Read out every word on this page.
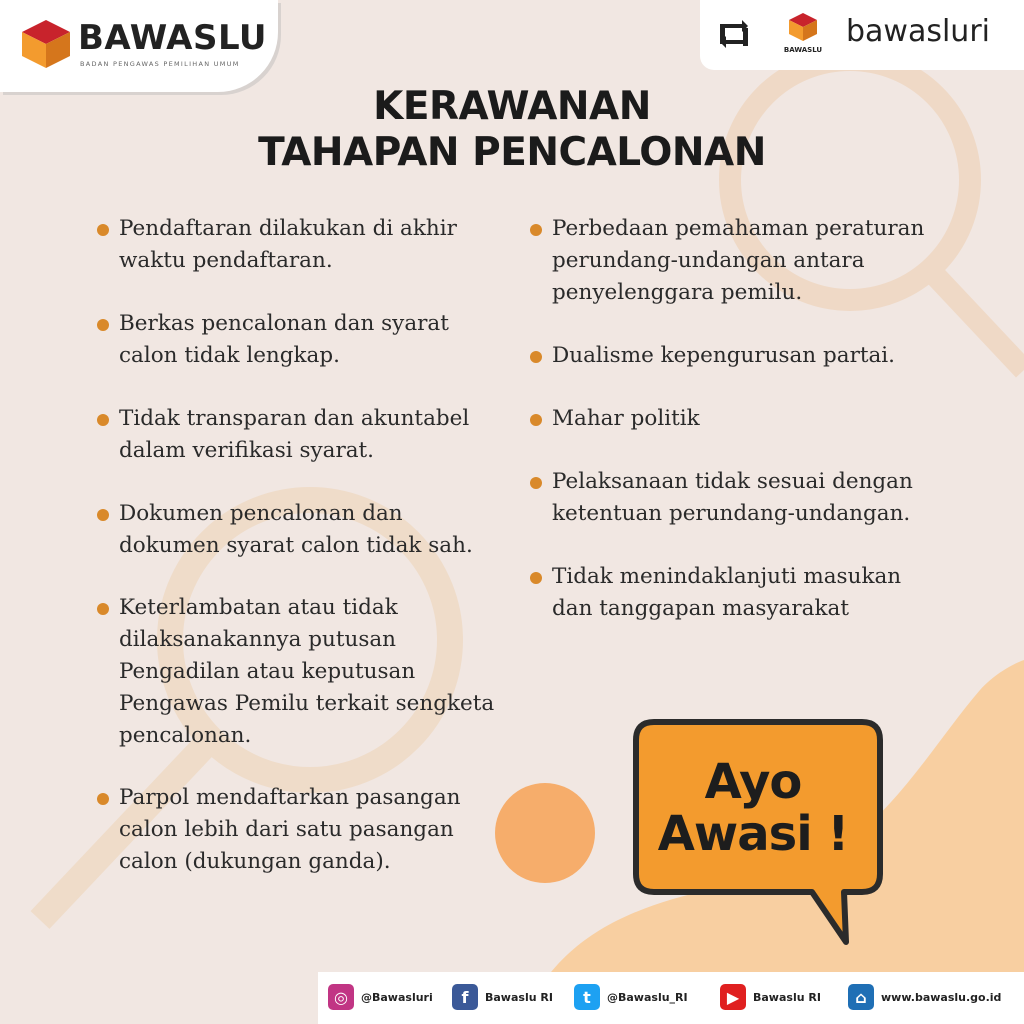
BAWASLU
BADAN PENGAWAS PEMILIHAN UMUM
BAWASLU
bawasluri
KERAWANAN
TAHAPAN PENCALONAN
Pendaftaran dilakukan di akhir waktu pendaftaran.
Berkas pencalonan dan syarat calon tidak lengkap.
Tidak transparan dan akuntabel dalam verifikasi syarat.
Dokumen pencalonan dan dokumen syarat calon tidak sah.
Keterlambatan atau tidak dilaksanakannya putusan Pengadilan atau keputusan Pengawas Pemilu terkait sengketa pencalonan.
Parpol mendaftarkan pasangan calon lebih dari satu pasangan calon (dukungan ganda).
Perbedaan pemahaman peraturan perundang-undangan antara penyelenggara pemilu.
Dualisme kepengurusan partai.
Mahar politik
Pelaksanaan tidak sesuai dengan ketentuan perundang-undangan.
Tidak menindaklanjuti masukan dan tanggapan masyarakat
Ayo
Awasi !
◎	@Bawasluri	f	Bawaslu RI	t	@Bawaslu_RI	▶	Bawaslu RI	⌂	www.bawaslu.go.id
